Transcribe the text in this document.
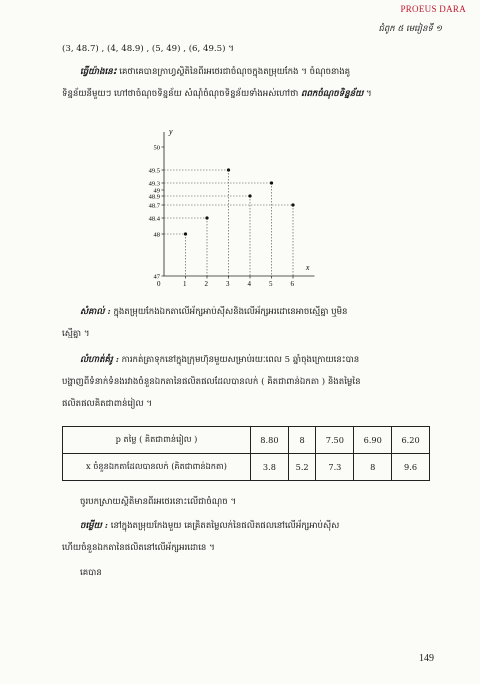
PROEUS DARA
ជំពូក ៥ មេរៀនទី ១
(3, 48.7) , (4, 48.9) , (5, 49) , (6, 49.5) ។
ធ្វើយ៉ាងនេះ គេថាគេបានក្រាហ្វស្ថិតិនៃពីរអថេរជាចំណុចក្នុងតម្រុយកែង ។ ចំណុចនាងគូ
ទិន្នន័យនីមួយៗ ហៅថាចំណុចទិន្នន័យ សំណុំចំណុចទិន្នន័យទាំងអស់ហៅថា ពពកចំណុចទិន្នន័យ ។
x
y
0	1	2	3	4	5	6
47
48
48.4
48.7
48.9
49
49.3
49.5
50
សំគាល់ : ក្នុងតម្រុយកែងឯកតាលើអ័ក្សអាប់ស៊ីសនិងលើអ័ក្សអរដោនេអាចស្មើគ្នា ឬមិន
ស្មើគ្នា ។
លំហាត់គំរូ : ការកត់ត្រាទុកនៅក្នុងក្រុមហ៊ុនមួយសម្រាប់រយៈពេល 5 ឆ្នាំចុងក្រោយនេះបាន
បង្ហាញពីទំនាក់ទំនងរវាងចំនួនឯកតានៃផលិតផលដែលបានលក់ ( គិតជាពាន់ឯកតា ) និងតម្លៃនៃ
ផលិតផលគិតជាពាន់រៀល ។
p តម្លៃ ( គិតជាពាន់រៀល )	8.80	8	7.50	6.90	6.20
x ចំនួនឯកតាដែលបានលក់ (គិតជាពាន់ឯកតា)	3.8	5.2	7.3	8	9.6
ចូរបកស្រាយស្ថិតិមានពីរអថេរនោះលើជាចំណុច ។
ចម្លើយ : នៅក្នុងតម្រុយកែងមួយ គេគ្រិតតម្លៃលក់នៃផលិតផលនៅលើអ័ក្សអាប់ស៊ីស
ហើយចំនួនឯកតានៃផលិតនៅលើអ័ក្សអរដោនេ ។
គេបាន
149
